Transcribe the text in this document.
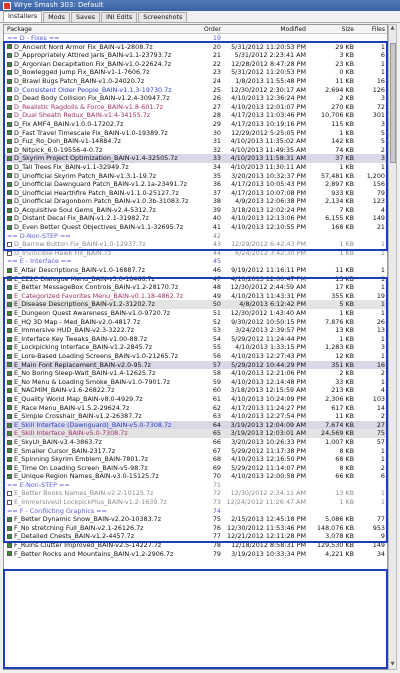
Wrye Smash 303: Default
Installers	Mods	Saves	INI Edits	Screenshots
Package	Order	Modified	Size	Files
== D - Fixes ==	19
D_Ancient Nord Armor Fix_BAIN-v1-2808.7z	20	5/31/2012 11:20:53 PM	29 KB	1
D_Appropriately Attired Jarls_BAIN-v1.1-23793.7z	21	5/31/2012 2:23:41 AM	3 KB	6
D_Argonian Decapitation Fix_BAIN-v1.0-22624.7z	22	12/28/2012 8:47:28 PM	23 KB	1
D_Bowlegged Jump Fix_BAIN-v1-1-7606.7z	23	5/31/2012 11:20:53 PM	0 KB	1
D_Brawl Bugs Patch_BAIN-v1.0-24020.7z	24	1/8/2013 11:55:48 PM	11 KB	16
D_Consistent Older People_BAIN-v1.1.3-19730.7z	25	12/30/2012 2:30:17 AM	2,694 KB	126
D_Dead Body Collision Fix_BAIN-v1.2.4-30947.7z	26	4/10/2013 12:36:24 PM	2 KB	3
D_Realistic Ragdolls & Force_BAIN-v1.8-601.7z	27	4/10/2013 12:01:07 PM	270 KB	72
D_Dual Sheath Redux_BAIN-v1.4-34155.7z	28	4/17/2013 11:03:46 PM	10,706 KB	301
D_Fix AMF4_BAIN-v1.0.0-17202.7z	29	4/17/2013 10:19:16 PM	115 KB	3
D_Fast Travel Timescale Fix_BAIN-v1.0-19389.7z	30	12/29/2012 5:25:05 PM	1 KB	5
D_Fuz_Ro_Doh_BAIN-v1-14884.7z	31	4/10/2013 11:35:02 AM	142 KB	5
D_Nitpick_6.0-19556-4-0.7z	32	4/10/2013 11:49:35 AM	74 KB	2
D_Skyrim Project Optimization_BAIN-v1.4-32505.7z	33	4/10/2013 11:58:31 AM	37 KB	3
D_Tall Trees Fix_BAIN-v1.1-32949.7z	34	4/10/2013 11:30:11 AM	1 KB	1
D_Unofficial Skyrim Patch_BAIN-v1.3.1-19.7z	35	3/20/2013 10:32:37 PM	57,481 KB	1,200
D_Unofficial Dawnguard Patch_BAIN-v1.2.1a-23491.7z	36	4/17/2013 10:05:43 PM	2,897 KB	156
D_Unofficial Hearthfire Patch_BAIN-v1.1.0-25127.7z	37	4/17/2013 10:07:08 PM	933 KB	79
D_Unofficial Dragonborn Patch_BAIN-v1.0.3b-31083.7z	38	4/9/2013 12:06:38 PM	2,134 KB	123
D_Acquisitive Soul Gems_BAIN-v2.4-5312.7z	39	3/18/2013 12:02:24 PM	7 KB	4
D_Distant Decal Fix_BAIN-v1.2.1-31982.7z	40	4/10/2013 12:13:06 PM	6,155 KB	149
D_Even Better Quest Objectives_BAIN-v1.1-32695.7z	41	4/10/2013 12:10:55 PM	168 KB	21
== D-Non-STEP ==	42
D_Barrow Button Fix_BAIN-v1.0-12937.7z	43	12/29/2012 6:42:43 PM	1 KB	1
D_Invincible Hawk Fix_BAIN.7z	44	6/24/2012 3:42:30 PM	1 KB	1
== E - Interface ==	45
E_Altar Descriptions_BAIN-v1.0-16887.7z	46	9/19/2012 11:16:11 PM	11 KB	1
E_EZ2C Dialogue Menu_BAIN-v3.0-18466.7z	47	4/10/2013 12:00:47 PM	13 KB	1
E_Better MessageBox Controls_BAIN-v1.2-28170.7z	48	12/30/2012 2:44:59 AM	17 KB	1
E_Categorized Favorites Menu_BAIN-v0.1.18-4862.7z	49	4/10/2013 11:43:31 PM	355 KB	19
E_Disease Descriptions_BAIN-v1.2-31202.7z	50	4/8/2013 6:12:42 PM	5 KB	1
E_Dungeon Quest Awareness_BAIN-v1.0-9720.7z	51	12/30/2012 1:43:40 AM	1 KB	1
E_HQ 3D Map - Med_BAIN-v2.0-4817.7z	52	9/30/2012 10:50:15 PM	7,876 KB	26
E_Immersive HUD_BAIN-v2.3-3222.7z	53	3/24/2013 2:39:57 PM	13 KB	13
E_Interface Key Tweaks_BAIN-v1.00-88.7z	54	5/29/2012 11:24:44 PM	1 KB	1
E_Lockpicking Interface_BAIN-v1.2-2845.7z	55	4/10/2013 1:33:15 PM	1,283 KB	3
E_Lore-Based Loading Screens_BAIN-v1.0-21265.7z	56	4/10/2013 12:27:43 PM	12 KB	1
E_Main Font Replacement_BAIN-v2.0-95.7z	57	5/29/2012 10:44:29 PM	351 KB	16
E_No Boring Sleep-Wait_BAIN-v1.4-12625.7z	58	4/10/2013 12:21:06 PM	2 KB	2
E_No Menu & Loading Smoke_BAIN-v1.0-7901.7z	59	4/10/2013 12:14:48 PM	33 KB	1
E_NACMIM_BAIN-v1.6-26822.7z	60	3/18/2013 12:15:59 AM	213 KB	4
E_Quality World Map_BAIN-v8.0-4929.7z	61	4/10/2013 10:24:09 PM	2,306 KB	103
E_Race Menu_BAIN-v1.5.2-29624.7z	62	4/17/2013 11:24:27 PM	617 KB	14
E_Simple Crosshair_BAIN-v1.2-26387.7z	63	4/10/2013 12:27:54 PM	11 KB	2
E_Skill Interface (Dawnguard)_BAIN-v5.0-7308.7z	64	3/19/2013 12:04:09 AM	7,674 KB	27
E_Skill Interface_BAIN-v5.0-7308.7z	65	3/19/2013 12:03:01 AM	24,569 KB	75
E_SkyUI_BAIN-v3.4-3863.7z	66	3/20/2013 10:26:33 PM	1,007 KB	57
E_Smaller Cursor_BAIN-2317.7z	67	5/29/2012 11:17:38 PM	8 KB	1
E_Spinning Skyrim Emblem_BAIN-7801.7z	68	4/10/2013 12:16:50 PM	68 KB	1
E_Time On Loading Screen_BAIN-v5-98.7z	69	5/29/2012 11:14:07 PM	8 KB	2
E_Unique Region Names_BAIN-v3.0-15125.7z	70	4/10/2013 12:00:58 PM	66 KB	6
== E-Non-STEP ==	71
E_Better Books Names_BAIN-v2.2-10125.7z	72	12/30/2012 2:34:11 AM	13 KB	1
E_ImmersiveUI LockpickPlus_BAIN-v1.2-1639.7z	73 12/24/2012 11:26:47 AM	1 KB	1
== F - Conflicting Graphics ==	74
F_Better Dynamic Snow_BAIN-v2.20-10383.7z	75	2/15/2013 12:45:18 PM	5,086 KB	77
F_No stretching Full_BAIN-v2.1-26126.7z	76 12/30/2012 11:53:46 PM	148,076 KB	953
F_Detailed Chests_BAIN-v1.2-4457.7z	77 12/21/2012 12:11:28 PM	3,078 KB	9
F_Ruins Clutter Improved_BAIN-v2.5-14227.7z	78	12/18/2012 8:58:31 PM	129,530 KB	149
F_Better Rocks and Mountains_BAIN-v1.2-2906.7z	79	3/19/2013 10:33:34 PM	4,221 KB	34
▲
▼
